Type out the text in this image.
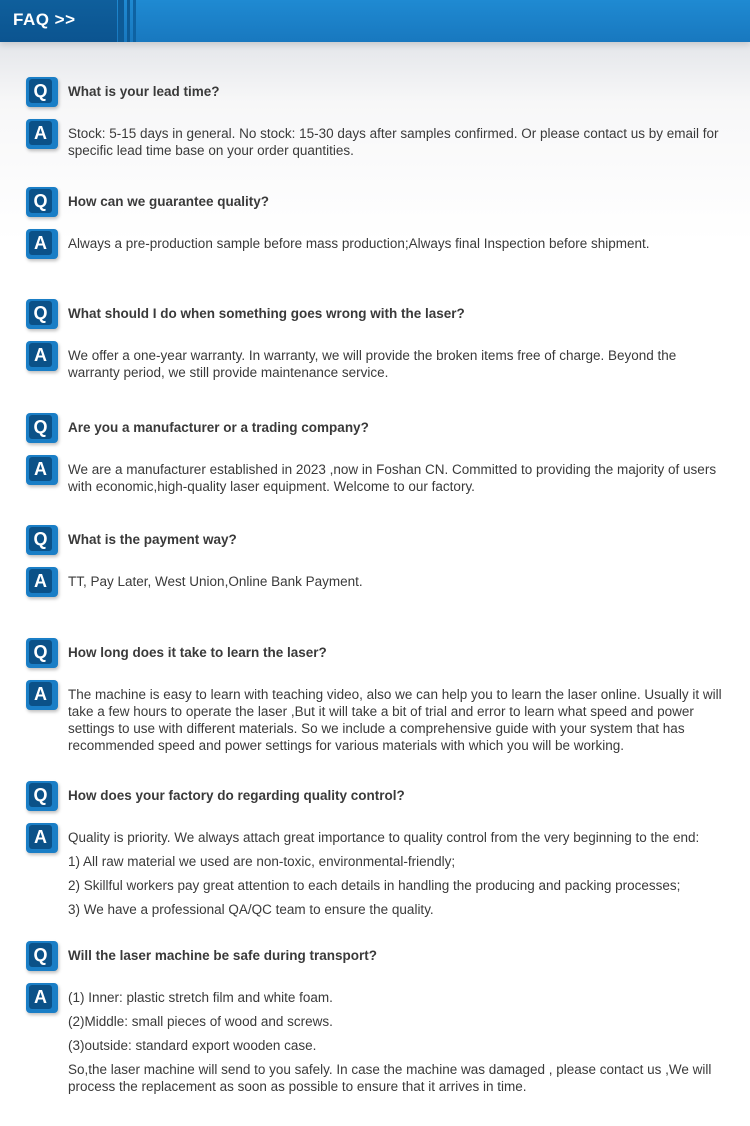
FAQ >>
Q	What is your lead time?
A	Stock: 5-15 days in general. No stock: 15-30 days after samples confirmed. Or please contact us by email for specific lead time base on your order quantities.

Q	How can we guarantee quality?
A	Always a pre-production sample before mass production;Always final Inspection before shipment.

Q	What should I do when something goes wrong with the laser?
A	We offer a one-year warranty. In warranty, we will provide the broken items free of charge. Beyond the warranty period, we still provide maintenance service.

Q	Are you a manufacturer or a trading company?
A	We are a manufacturer established in 2023 ,now in Foshan CN. Committed to providing the majority of users with economic,high-quality laser equipment. Welcome to our factory.

Q	What is the payment way?
A	TT, Pay Later, West Union,Online Bank Payment.

Q	How long does it take to learn the laser?
A	The machine is easy to learn with teaching video, also we can help you to learn the laser online. Usually it will take a few hours to operate the laser ,But it will take a bit of trial and error to learn what speed and power settings to use with different materials. So we include a comprehensive guide with your system that has recommended speed and power settings for various materials with which you will be working.

Q	How does your factory do regarding quality control?
A	Quality is priority. We always attach great importance to quality control from the very beginning to the end:

1) All raw material we used are non-toxic, environmental-friendly;

2) Skillful workers pay great attention to each details in handling the producing and packing processes;

3) We have a professional QA/QC team to ensure the quality.

Q	Will the laser machine be safe during transport?
A	(1) Inner: plastic stretch film and white foam.

(2)Middle: small pieces of wood and screws.

(3)outside: standard export wooden case.

So,the laser machine will send to you safely. In case the machine was damaged , please contact us ,We will process the replacement as soon as possible to ensure that it arrives in time.
